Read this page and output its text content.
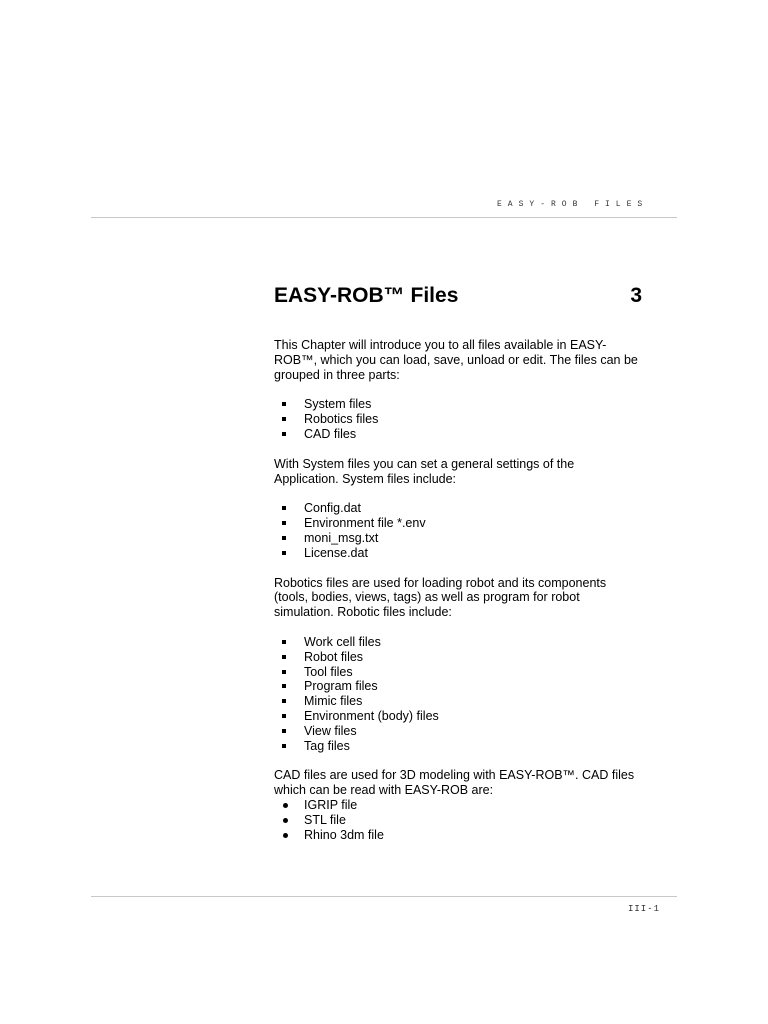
EASY-ROB FILES
EASY-ROB™ Files	3

This Chapter will introduce you to all files available in EASY-ROB™, which you can load, save, unload or edit. The files can be grouped in three parts:

System files
Robotics files
CAD files

With System files you can set a general settings of the Application. System files include:

Config.dat
Environment file *.env
moni_msg.txt
License.dat

Robotics files are used for loading robot and its components (tools, bodies, views, tags) as well as program for robot simulation. Robotic files include:

Work cell files
Robot files
Tool files
Program files
Mimic files
Environment (body) files
View files
Tag files

CAD files are used for 3D modeling with EASY-ROB™. CAD files which can be read with EASY-ROB are:

IGRIP file
STL file
Rhino 3dm file
III-1
